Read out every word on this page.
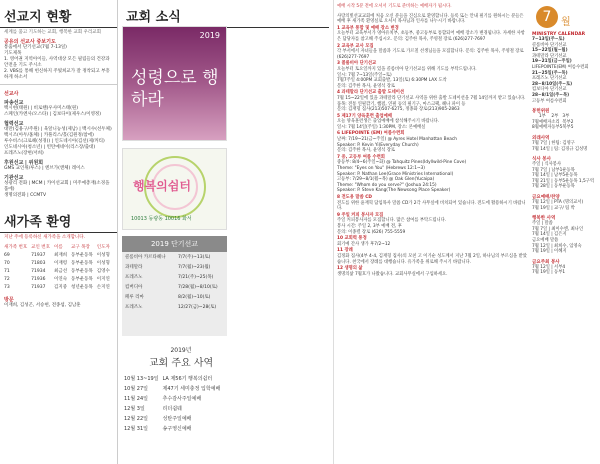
선교지 현황
세계를 품고 기도하는 교회, 행복한 교회 우리교회
공유의 선교사 중보기도
통출에서 단기선교(7월 7-13일)
기도제목
1. 영어권 지역아이들, 사역대상 모든 필립들의 건강과 안전을 기도 주시소
2. VBS를 통해 헌신하지 주빛희교가 잘 정착되고 부흥하게 하소서
선교사
파송선교
백시현(태원) | 비로핸(우사미스태(원)
스페인(카엔사/오스타) | 김보다이(제우스/이영정)
협력선교
대만(김용구/주원) | 육알니능성(제남) | 백시수(선두체)
백시조(아두/홈체) | 카풀리스/홀(김원정/참에)
루수비스(크로헤(성경)) | 인도네시아(김선(제/커티)
인도네시아(청소년) | 빈탄예네이(리스장/출대)
프레즈노(장현/서희)
후원선교 | 위원회
GMS 교인위/루스) | 엔브가(앤체) 레이스
기관선교
성광리 전화 | MCM | 카이선교회 | 미주예총재(소경을품에)
생명의전화 | CCMTV
새가족 환영
지난 주에 등록하신 새가족을 소개합니다.
새가족 번호	교인 번호	이름	교구 목장	인도자
69	71937	최재희	동부운동목	이성형
70	71803	이재령	동부운동목	이성형
71	71934	최금선	동부운동목	김영수
72	71936	이연숙	동부운동목	이지연
73	71937	김지중	청년운동목	손지연
방문
이재희, 김성곤, 서승현, 전종섭, 김남훈
교회 소식
2019
성령으로 행하라
행복의쉼터
10013 동량동 10016 화서
2019 단기선교
콜롬비아 카르타헤나	7/7(주)~13(토)
과테말라	7/7(월)~23(월)
프레즈노	7/21(주)~25(목)
킴버디아	7/28(월)~8/10(토)
페루 리마	8/2(월)~10(토)
프레즈노	12/27(금)~28(토)
2019년
교회 주요 사역
10월 13~19일	LA 제56기 행복의쉼터
10월 27일	제47기 세미충정 입학예배
11월 24일	추수감사주일예배
12월 3일	리더쉽웨
12월 22일	성탄주일예배
12월 31일	송구영신예배
예배 시작 5분 전에 오셔서 기도로 준비하는 예배자가 됩시다.
사랑의빛선교교회에 처음 오신 분들을 진심으로 환영합니다. 등록 또는 안내 필기를 원하시는 분들은 예배 후 새가족 환영실로 오셔서 목사님과 인사를 나누시기 바랍니다.
1 교육부 통합 및 예배 장소 변경
오늘부터 교육부서가 영아유치부, 초등부, 중고등부로 통합되어 예배 장소가 변경됩니다. 자세한 사항은 담당자를 참고해 주십시오. 문의: 김주한 목사, 주영철 장로 (626)277-7697
2 교육부 교사 모집
각 부서에서 자녀들을 말씀과 기도로 가르칠 선생님들을 모집합니다. 문의: 김주한 목사, 주영철 장로 (626)277-7697
3 콜롬비아 단기선교
오늘부터 토요일까지 있을 콜롬비아 단기선교를 위해 기도를 부탁드립니다.
일시: 7월 7~13일(주일~토)
7월7주일 4:00PM 교회출발, 13일(토) 6:30PM LAX 도착
문의: 김주한 목사, 윤영석 장로
4 과테말라 단기선교 출발 도네이션
7월 15~22일에 있을 과테말라 단기선교 사역을 위한 출발 도네이션을 7월 14일까지 받고 있습니다.
품목: 전통 연필깎기, 햄펌, 연필 등의 필기구, 마스크팩, 헤나 파이 등
문의: 김재형 집사(213)507-6275, 정종화 장로(213)905-2863
5 제17기 양육훈련 출업예배
오늘 양육훈련생은 출업예배에 참석해주시기 바랍니다.
일시: 7월 14일(주일) 1:30PM, 장소: 본예배실
6 LIFEPOINTE (EM) 여름수련회
날짜: 7/19~21(금~주일) @ Ayres Hotel Manhattan Beach
Speaker: P. Kevin Yi(Everyday Church)
문의: 김주한 목사, 윤영석 장로
7 중, 고등부 여름 수련회
중등부: 8/4~6(주일~화) @ Tahquitz Pines(Idyllwild-Pine Cove)
Theme: "Eyes on You" (Hebrews 12:1~3)
Speaker: P. Nathan Lee(Grace Ministries International)
고등부: 7/29~8/1(월~목) @ Oak Glen(Yucaipa)
Theme: "Whom do you serve?" (Joshua 24:15)
Speaker: P. Steve Kang(The Newsong Place Speaker)
8 전도용 말씀 CD
전도를 위한 윤재혁 담임목사 말씀 CD가 2각 사무실에 비치되어 있습니다. 전도에 활용하시기 바랍니다.
9 주일 커피 봉사자 모집
주일 커피봉사자를 모집합니다. 많은 참여를 부탁드립니다.
봉사 시간: 주일 2, 3부 예배 전, 후
문의: 이종렬 장로 (626) 755-5559
10 교회력 통정
회기예 간사 생가 후7/2~12
11 장례
김정화 집사(4부 4-4, 김재형 집사)의 모친 고 이기순 성도께서 지난 7월 2일, 하나님의 부르심을 받았습니다. 천국에서 장례를 대행습니다. 유가족을 위로해 주시기 바랍니다.
12 생명의 삶
생명의삶 7월호가 나왔습니다. 교회사무실에서 구입하세요.
7 월
MINISTRY CALENDAR
7~13일(주~토)
콜롬비아 단기선교
15~22일(월~월)
과테말라 단기선교
19~21일(금~주일)
LIFEPOINTE(EM) 여름수련회
21~25일(주~목)
프레즈노 단기선교
28~8/10일(주~토)
킴보디아 단기선교
28~8/1일(주~목)
고등부 여름수련회
봉헌위원
	1부	2부	3부
7월	예배자	소리	복부2
8월	예배자	동부5	북부5
외래사역
7월 7일 | 한팀: 김영구
7월 14일 | 팀: 김경규 김성명
식사 봉사
주일 | 식사봉사
7월 7일 | 남부1운동목
7월 14일 | 남부5운동목
7월 21일 | 동부5운동목 1,5구역
7월 28일 | 동부운동목
금요예배/찬양
7월 12일 | PTA (명의교서)
7월 19일 | 교구/ 팀 박
행복한 사역
주일 | 말씀
7월 7일 | 최이수엔, 최나인
7월 14일 | 김은지
금요예배 말씀
7월 12일 | 최희수, 임영숙
7월 19일 | 이혜지
금요주최 봉사
7월 12일 | 서부4
7월 19일 | 동부1
